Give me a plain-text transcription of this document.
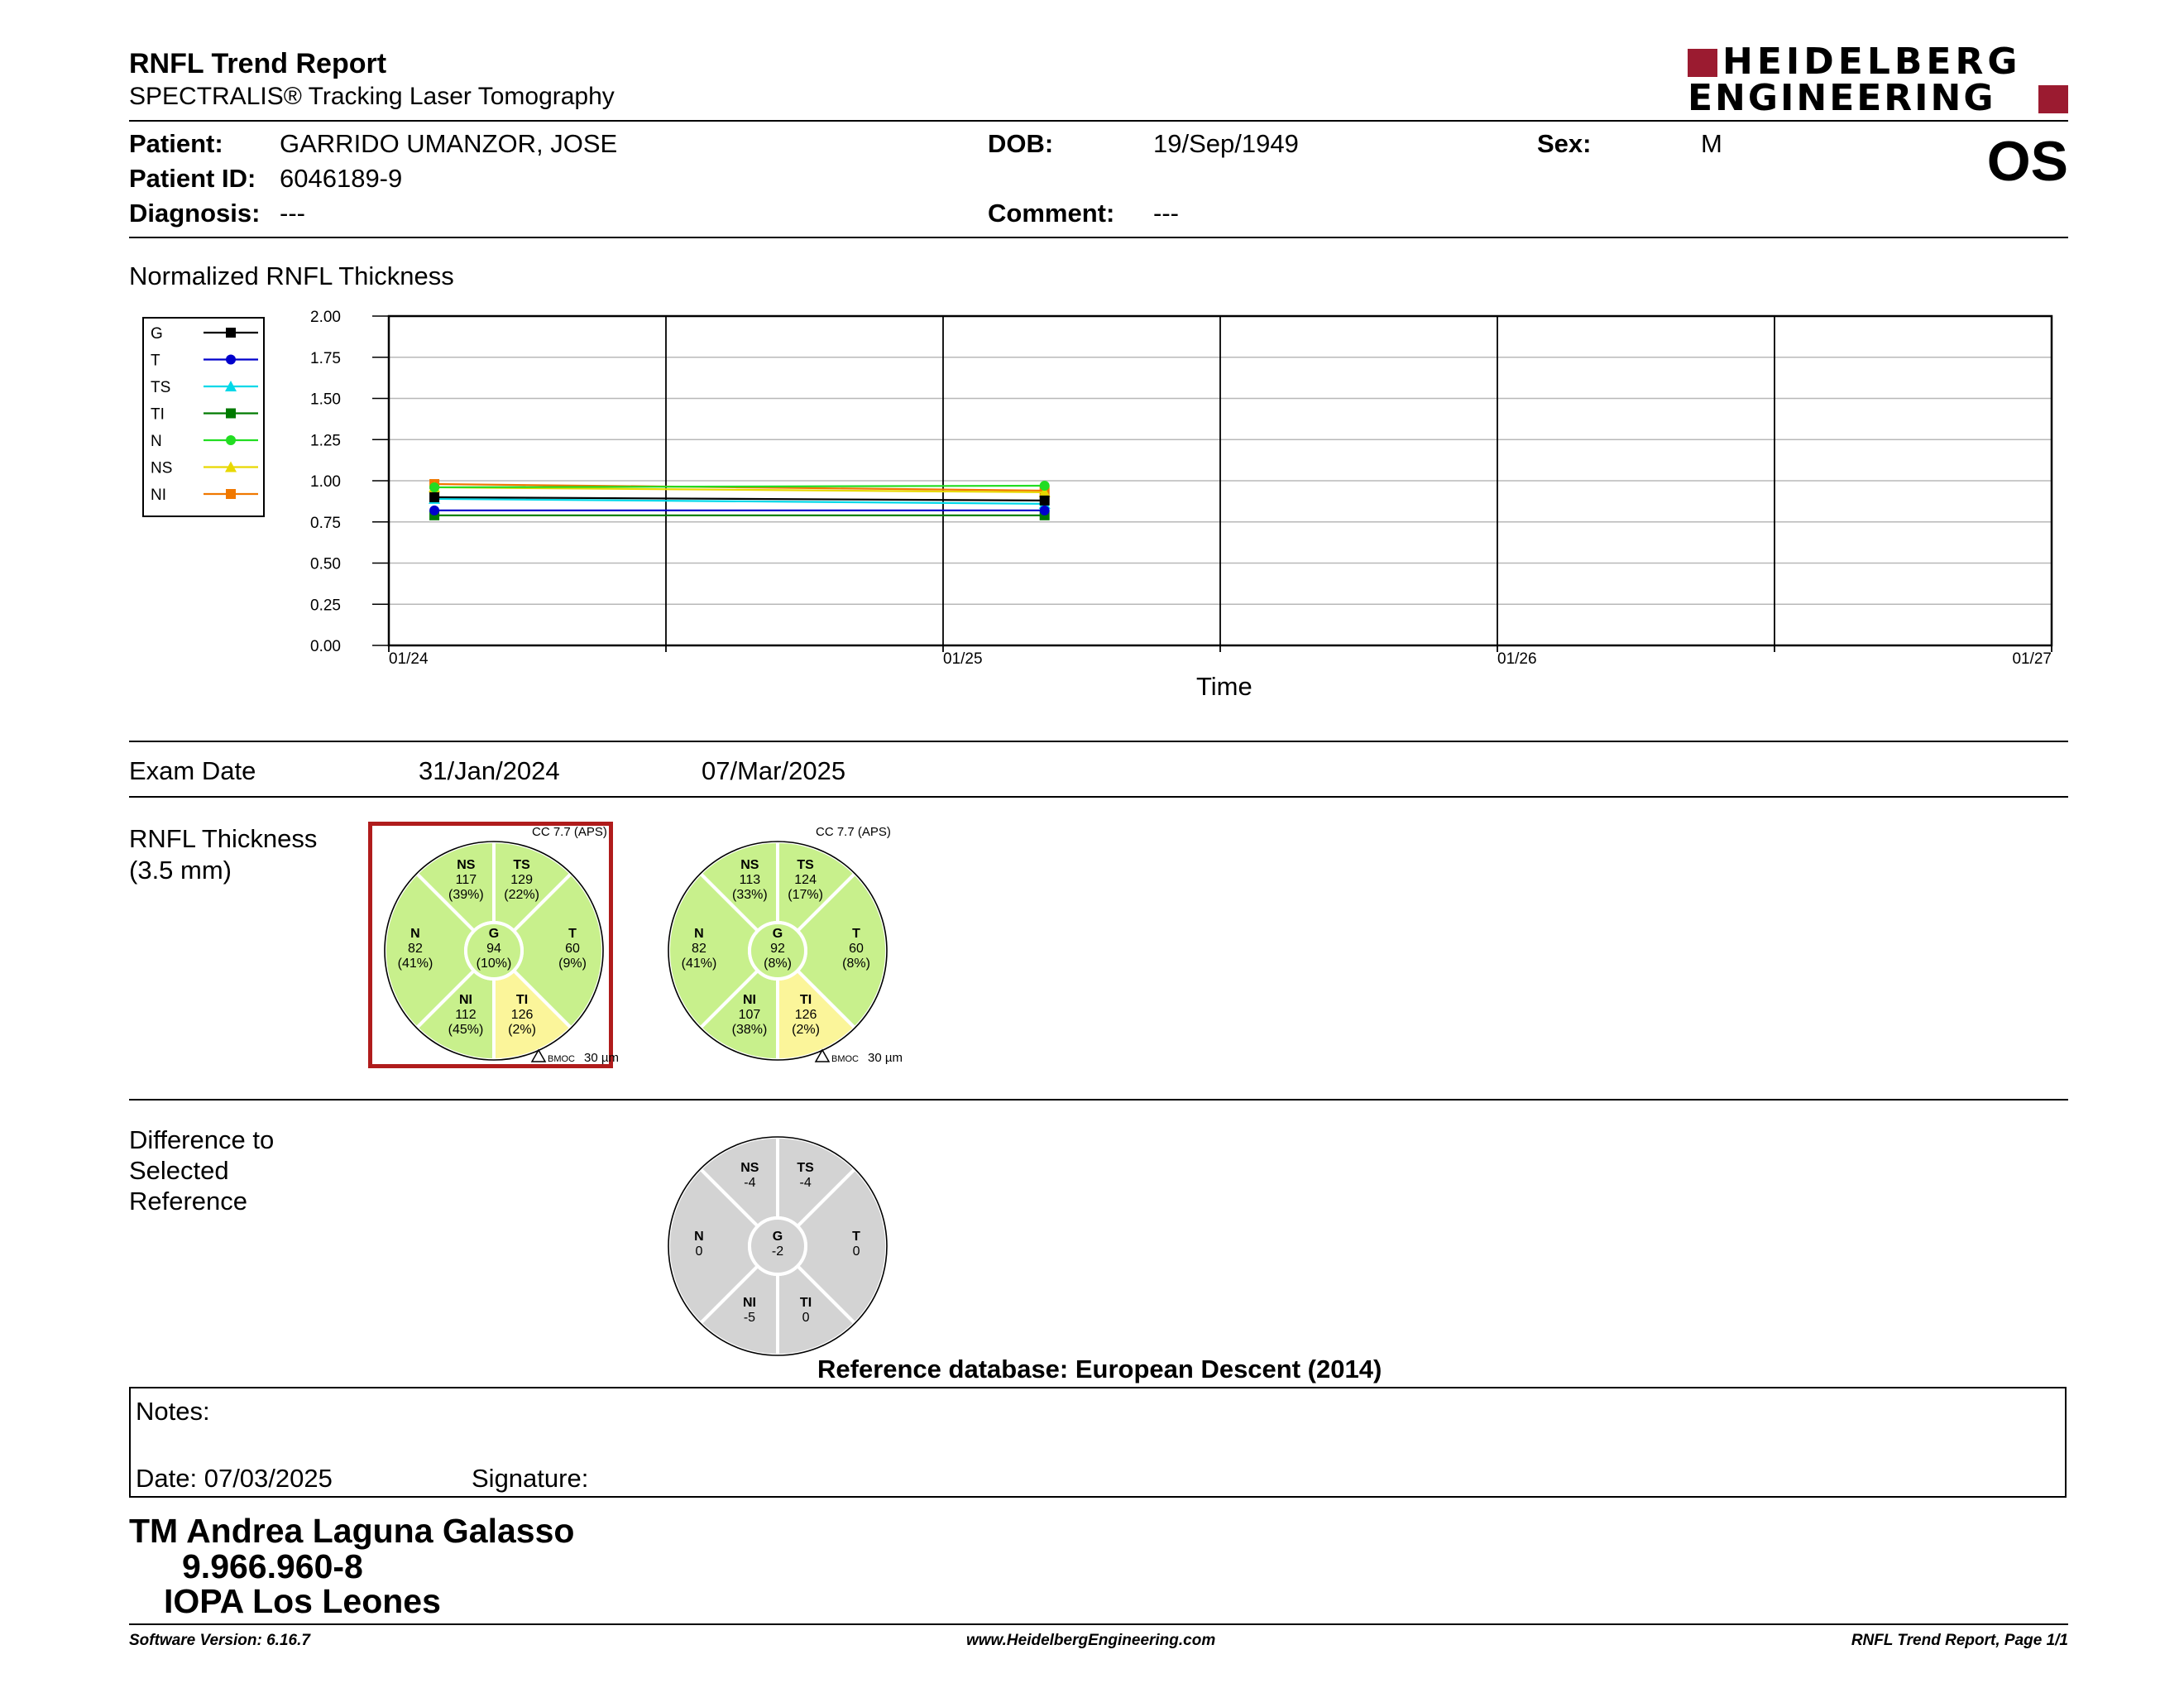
RNFL Trend Report
SPECTRALIS® Tracking Laser Tomography
HEIDELBERG
ENGINEERING
Patient: GARRIDO UMANZOR, JOSE	DOB:	19/Sep/1949	Sex:	M	OS
Patient ID: 6046189-9
Diagnosis: ---	Comment: ---
Normalized RNFL Thickness
0.00
0.25
0.50
0.75
1.00
1.25
1.50
1.75
2.00
01/24	01/25	01/26	01/27
G
T
TS
TI
N
NS
NI
Time
Exam Date	31/Jan/2024	07/Mar/2025
RNFL Thickness
(3.5 mm)	NS
117
(39%)
TS
129
(22%)
N
82
(41%)
T
60
(9%)
NI
112
(45%)
TI
126
(2%)
G
94
(10%)
CC 7.7 (APS)
BMOC 30 µm
NS
113
(33%)
TS
124
(17%)
N
82
(41%)
T
60
(8%)
NI
107
(38%)
TI
126
(2%)
G
92
(8%)
CC 7.7 (APS)
BMOC 30 µm
Difference to
Selected
Reference
NS
-4
TS
-4
N
0
T
0
NI
-5
TI
0
G
-2
Reference database: European Descent (2014)
Notes:
Date: 07/03/2025	Signature:
TM Andrea Laguna Galasso
9.966.960-8
IOPA Los Leones
Software Version: 6.16.7	www.HeidelbergEngineering.com	RNFL Trend Report, Page 1/1
